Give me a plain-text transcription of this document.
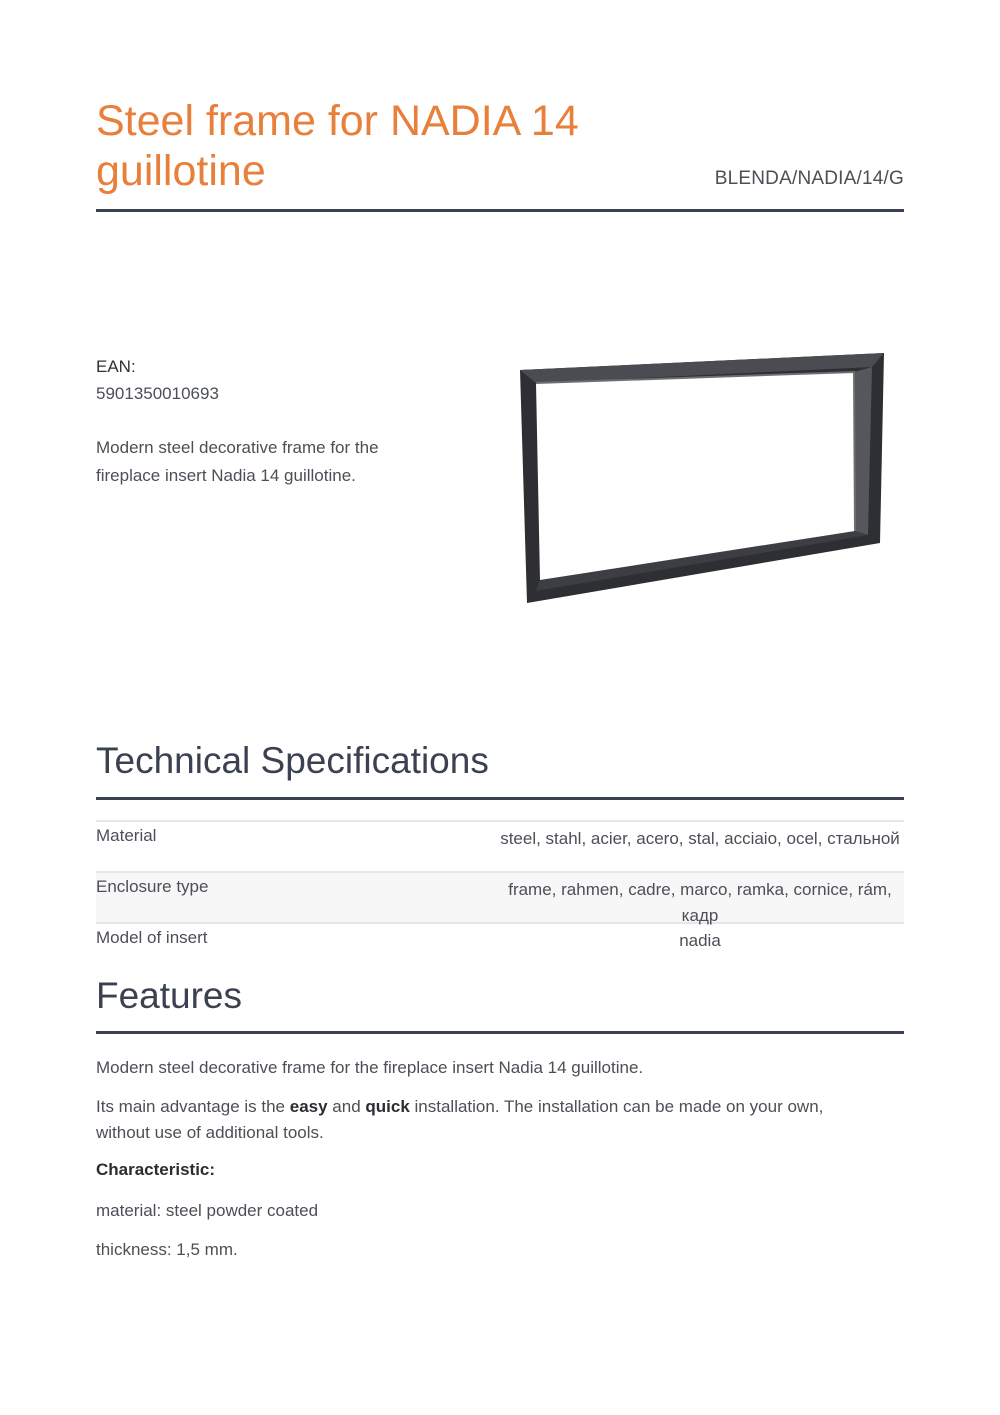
Steel frame for NADIA 14 guillotine	BLENDA/NADIA/14/G
EAN:
5901350010693
Modern steel decorative frame for the fireplace insert Nadia 14 guillotine.
Technical Specifications
Material	steel, stahl, acier, acero, stal, acciaio, ocel, стальной
Enclosure type	frame, rahmen, cadre, marco, ramka, cornice, rám, кадр
Model of insert	nadia
Features

Modern steel decorative frame for the fireplace insert Nadia 14 guillotine.

Its main advantage is the easy and quick installation. The installation can be made on your own, without use of additional tools.

Characteristic:

material: steel powder coated

thickness: 1,5 mm.
